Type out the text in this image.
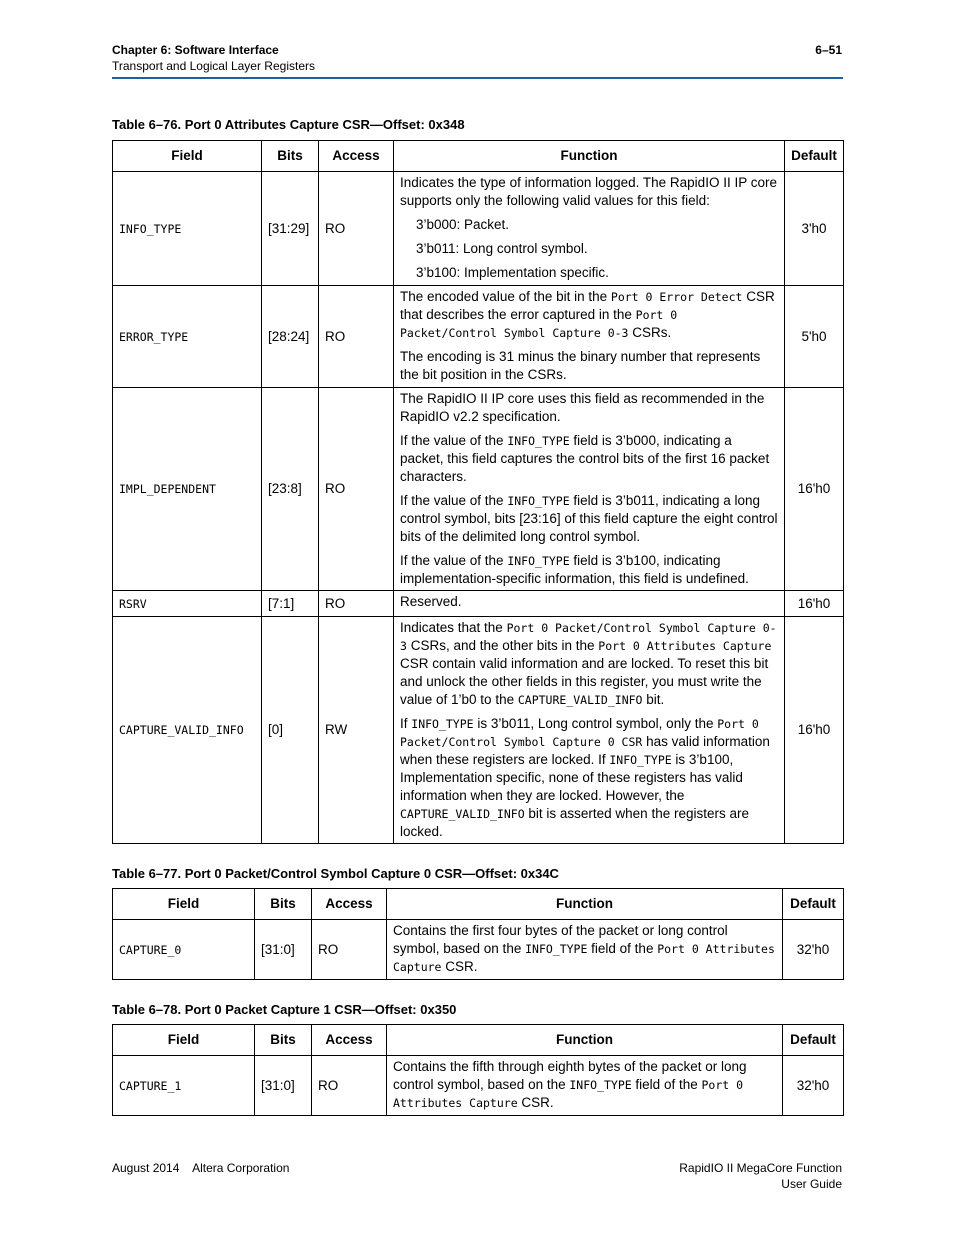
Chapter 6: Software Interface
Transport and Logical Layer Registers
6–51
Table 6–76. Port 0 Attributes Capture CSR—Offset: 0x348
Field	Bits	Access	Function	Default
INFO_TYPE	[31:29]	RO	Indicates the type of information logged. The RapidIO II IP core supports only the following valid values for this field:

3’b000: Packet.

3’b011: Long control symbol.

3’b100: Implementation specific.	3'h0
ERROR_TYPE	[28:24]	RO	The encoded value of the bit in the Port 0 Error Detect CSR that describes the error captured in the Port 0 Packet/Control Symbol Capture 0-3 CSRs.

The encoding is 31 minus the binary number that represents the bit position in the CSRs.	5'h0
IMPL_DEPENDENT	[23:8]	RO	The RapidIO II IP core uses this field as recommended in the RapidIO v2.2 specification.

If the value of the INFO_TYPE field is 3’b000, indicating a packet, this field captures the control bits of the first 16 packet characters.

If the value of the INFO_TYPE field is 3’b011, indicating a long control symbol, bits [23:16] of this field capture the eight control bits of the delimited long control symbol.

If the value of the INFO_TYPE field is 3’b100, indicating implementation-specific information, this field is undefined.	16'h0
RSRV	[7:1]	RO	Reserved.	16'h0
CAPTURE_VALID_INFO	[0]	RW	Indicates that the Port 0 Packet/Control Symbol Capture 0-3 CSRs, and the other bits in the Port 0 Attributes Capture CSR contain valid information and are locked. To reset this bit and unlock the other fields in this register, you must write the value of 1’b0 to the CAPTURE_VALID_INFO bit.

If INFO_TYPE is 3’b011, Long control symbol, only the Port 0 Packet/Control Symbol Capture 0 CSR has valid information when these registers are locked. If INFO_TYPE is 3’b100, Implementation specific, none of these registers has valid information when they are locked. However, the CAPTURE_VALID_INFO bit is asserted when the registers are locked.	16'h0
Table 6–77. Port 0 Packet/Control Symbol Capture 0 CSR—Offset: 0x34C
Field	Bits	Access	Function	Default
CAPTURE_0	[31:0]	RO	Contains the first four bytes of the packet or long control symbol, based on the INFO_TYPE field of the Port 0 Attributes Capture CSR.	32'h0
Table 6–78. Port 0 Packet Capture 1 CSR—Offset: 0x350
Field	Bits	Access	Function	Default
CAPTURE_1	[31:0]	RO	Contains the fifth through eighth bytes of the packet or long control symbol, based on the INFO_TYPE field of the Port 0 Attributes Capture CSR.	32'h0
August 2014    Altera Corporation	RapidIO II MegaCore Function
User Guide
